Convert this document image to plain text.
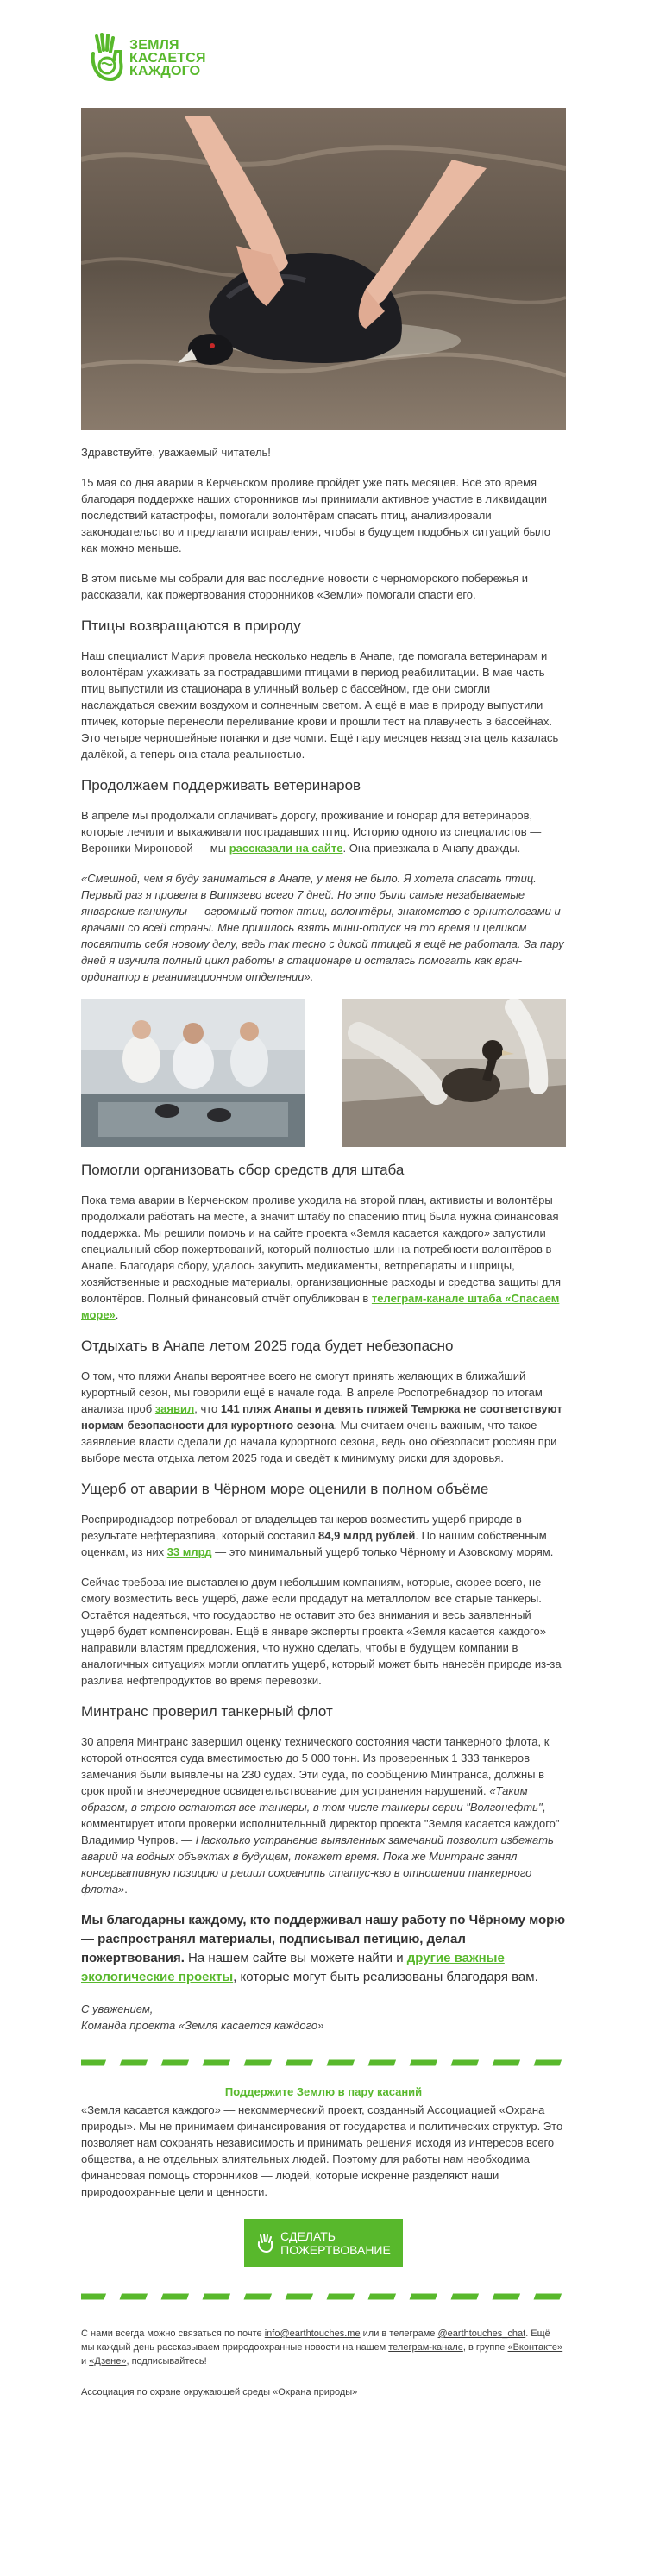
ЗЕМЛЯ
КАСАЕТСЯ
КАЖДОГО

Здравствуйте, уважаемый читатель!

15 мая со дня аварии в Керченском проливе пройдёт уже пять месяцев. Всё это время благодаря поддержке наших сторонников мы принимали активное участие в ликвидации последствий катастрофы, помогали волонтёрам спасать птиц, анализировали законодательство и предлагали исправления, чтобы в будущем подобных ситуаций было как можно меньше.

В этом письме мы собрали для вас последние новости с черноморского побережья и рассказали, как пожертвования сторонников «Земли» помогали спасти его.

Птицы возвращаются в природу

Наш специалист Мария провела несколько недель в Анапе, где помогала ветеринарам и волонтёрам ухаживать за пострадавшими птицами в период реабилитации. В мае часть птиц выпустили из стационара в уличный вольер с бассейном, где они смогли наслаждаться свежим воздухом и солнечным светом. А ещё в мае в природу выпустили птичек, которые перенесли переливание крови и прошли тест на плавучесть в бассейнах. Это четыре черношейные поганки и две чомги. Ещё пару месяцев назад эта цель казалась далёкой, а теперь она стала реальностью.

Продолжаем поддерживать ветеринаров

В апреле мы продолжали оплачивать дорогу, проживание и гонорар для ветеринаров, которые лечили и выхаживали пострадавших птиц. Историю одного из специалистов — Вероники Мироновой — мы рассказали на сайте. Она приезжала в Анапу дважды.

«Смешной, чем я буду заниматься в Анапе, у меня не было. Я хотела спасать птиц. Первый раз я провела в Витязево всего 7 дней. Но это были самые незабываемые январские каникулы — огромный поток птиц, волонтёры, знакомство с орнитологами и врачами со всей страны. Мне пришлось взять мини-отпуск на то время и целиком посвятить себя новому делу, ведь так тесно с дикой птицей я ещё не работала. За пару дней я изучила полный цикл работы в стационаре и осталась помогать как врач-ординатор в реанимационном отделении».

Помогли организовать сбор средств для штаба

Пока тема аварии в Керченском проливе уходила на второй план, активисты и волонтёры продолжали работать на месте, а значит штабу по спасению птиц была нужна финансовая поддержка. Мы решили помочь и на сайте проекта «Земля касается каждого» запустили специальный сбор пожертвований, который полностью шли на потребности волонтёров в Анапе. Благодаря сбору, удалось закупить медикаменты, ветпрепараты и шприцы, хозяйственные и расходные материалы, организационные расходы и средства защиты для волонтёров. Полный финансовый отчёт опубликован в телеграм-канале штаба «Спасаем море».

Отдыхать в Анапе летом 2025 года будет небезопасно

О том, что пляжи Анапы вероятнее всего не смогут принять желающих в ближайший курортный сезон, мы говорили ещё в начале года. В апреле Роспотребнадзор по итогам анализа проб заявил, что 141 пляж Анапы и девять пляжей Темрюка не соответствуют нормам безопасности для курортного сезона. Мы считаем очень важным, что такое заявление власти сделали до начала курортного сезона, ведь оно обезопасит россиян при выборе места отдыха летом 2025 года и сведёт к минимуму риски для здоровья.

Ущерб от аварии в Чёрном море оценили в полном объёме

Росприроднадзор потребовал от владельцев танкеров возместить ущерб природе в результате нефтеразлива, который составил 84,9 млрд рублей. По нашим собственным оценкам, из них 33 млрд — это минимальный ущерб только Чёрному и Азовскому морям.

Сейчас требование выставлено двум небольшим компаниям, которые, скорее всего, не смогу возместить весь ущерб, даже если продадут на металлолом все старые танкеры. Остаётся надеяться, что государство не оставит это без внимания и весь заявленный ущерб будет компенсирован. Ещё в январе эксперты проекта «Земля касается каждого» направили властям предложения, что нужно сделать, чтобы в будущем компании в аналогичных ситуациях могли оплатить ущерб, который может быть нанесён природе из-за разлива нефтепродуктов во время перевозки.

Минтранс проверил танкерный флот

30 апреля Минтранс завершил оценку технического состояния части танкерного флота, к которой относятся суда вместимостью до 5 000 тонн. Из проверенных 1 333 танкеров замечания были выявлены на 230 судах. Эти суда, по сообщению Минтранса, должны в срок пройти внеочередное освидетельствование для устранения нарушений. «Таким образом, в строю остаются все танкеры, в том числе танкеры серии "Волгонефть", — комментирует итоги проверки исполнительный директор проекта "Земля касается каждого" Владимир Чупров. — Насколько устранение выявленных замечаний позволит избежать аварий на водных объектах в будущем, покажет время. Пока же Минтранс занял консервативную позицию и решил сохранить статус-кво в отношении танкерного флота».

Мы благодарны каждому, кто поддерживал нашу работу по Чёрному морю — распространял материалы, подписывал петицию, делал пожертвования. На нашем сайте вы можете найти и другие важные экологические проекты, которые могут быть реализованы благодаря вам.

С уважением,
Команда проекта «Земля касается каждого»

Поддержите Землю в пару касаний

«Земля касается каждого» — некоммерческий проект, созданный Ассоциацией «Охрана природы». Мы не принимаем финансирования от государства и политических структур. Это позволяет нам сохранять независимость и принимать решения исходя из интересов всего общества, а не отдельных влиятельных людей. Поэтому для работы нам необходима финансовая помощь сторонников — людей, которые искренне разделяют наши природоохранные цели и ценности.

СДЕЛАТЬ
ПОЖЕРТВОВАНИЕ

С нами всегда можно связаться по почте info@earthtouches.me или в телеграме @earthtouches_chat. Ещё мы каждый день рассказываем природоохранные новости на нашем телеграм-канале, в группе «Вконтакте» и «Дзене», подписывайтесь!

Ассоциация по охране окружающей среды «Охрана природы»
